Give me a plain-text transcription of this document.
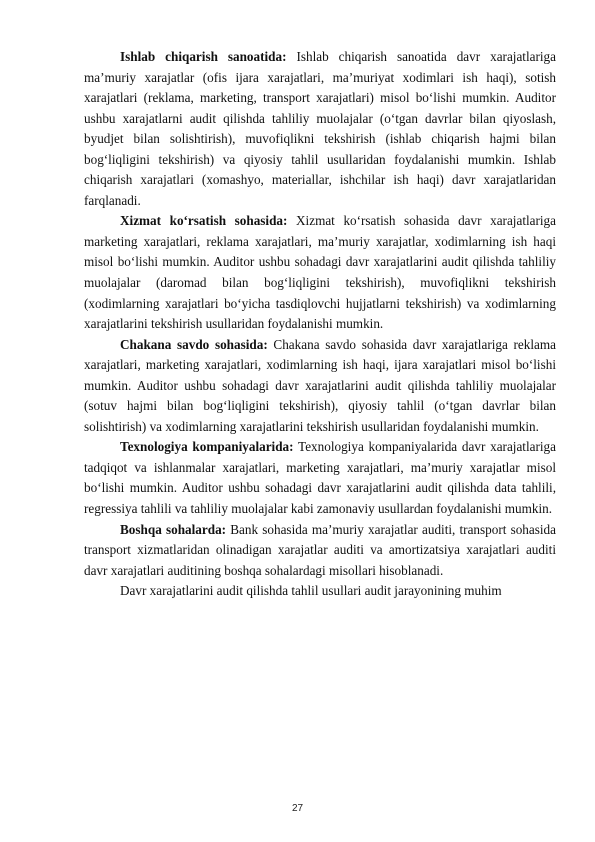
Ishlab chiqarish sanoatida: Ishlab chiqarish sanoatida davr xarajatlariga ma’muriy xarajatlar (ofis ijara xarajatlari, ma’muriyat xodimlari ish haqi), sotish xarajatlari (reklama, marketing, transport xarajatlari) misol bo‘lishi mumkin. Auditor ushbu xarajatlarni audit qilishda tahliliy muolajalar (o‘tgan davrlar bilan qiyoslash, byudjet bilan solishtirish), muvofiqlikni tekshirish (ishlab chiqarish hajmi bilan bog‘liqligini tekshirish) va qiyosiy tahlil usullaridan foydalanishi mumkin. Ishlab chiqarish xarajatlari (xomashyo, materiallar, ishchilar ish haqi) davr xarajatlaridan farqlanadi.

Xizmat ko‘rsatish sohasida: Xizmat ko‘rsatish sohasida davr xarajatlariga marketing xarajatlari, reklama xarajatlari, ma’muriy xarajatlar, xodimlarning ish haqi misol bo‘lishi mumkin. Auditor ushbu sohadagi davr xarajatlarini audit qilishda tahliliy muolajalar (daromad bilan bog‘liqligini tekshirish), muvofiqlikni tekshirish (xodimlarning xarajatlari bo‘yicha tasdiqlovchi hujjatlarni tekshirish) va xodimlarning xarajatlarini tekshirish usullaridan foydalanishi mumkin.

Chakana savdo sohasida: Chakana savdo sohasida davr xarajatlariga reklama xarajatlari, marketing xarajatlari, xodimlarning ish haqi, ijara xarajatlari misol bo‘lishi mumkin. Auditor ushbu sohadagi davr xarajatlarini audit qilishda tahliliy muolajalar (sotuv hajmi bilan bog‘liqligini tekshirish), qiyosiy tahlil (o‘tgan davrlar bilan solishtirish) va xodimlarning xarajatlarini tekshirish usullaridan foydalanishi mumkin.

Texnologiya kompaniyalarida: Texnologiya kompaniyalarida davr xarajatlariga tadqiqot va ishlanmalar xarajatlari, marketing xarajatlari, ma’muriy xarajatlar misol bo‘lishi mumkin. Auditor ushbu sohadagi davr xarajatlarini audit qilishda data tahlili, regressiya tahlili va tahliliy muolajalar kabi zamonaviy usullardan foydalanishi mumkin.

Boshqa sohalarda: Bank sohasida ma’muriy xarajatlar auditi, transport sohasida transport xizmatlaridan olinadigan xarajatlar auditi va amortizatsiya xarajatlari auditi davr xarajatlari auditining boshqa sohalardagi misollari hisoblanadi.

Davr xarajatlarini audit qilishda tahlil usullari audit jarayonining muhim

27
